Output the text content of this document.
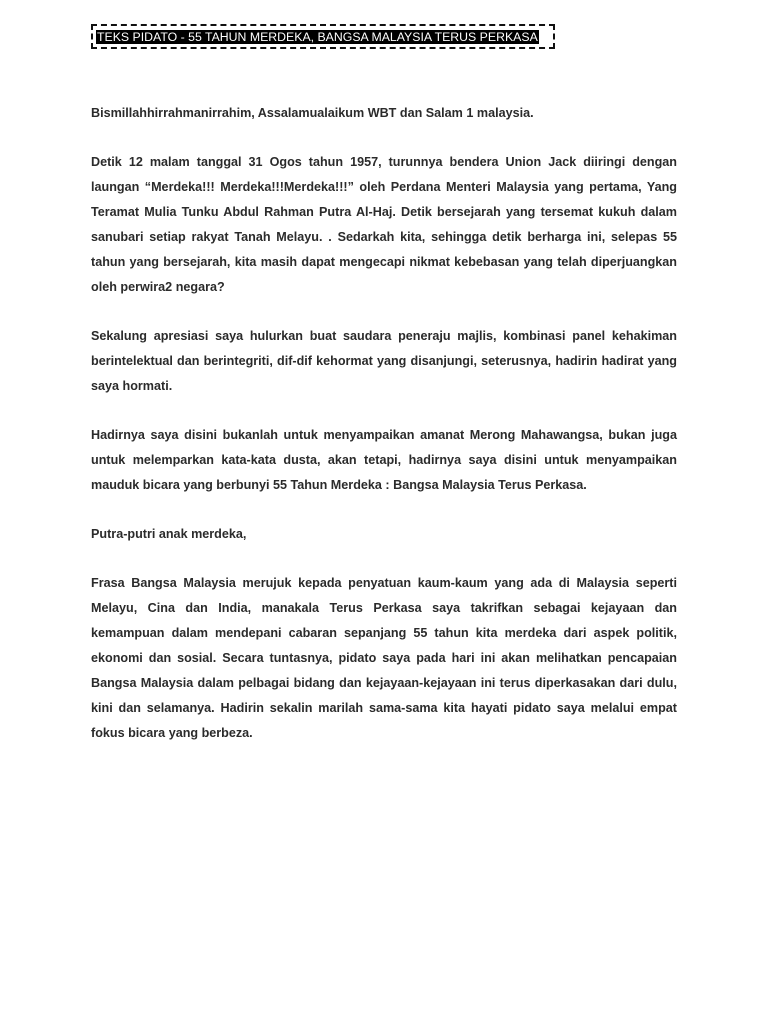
TEKS PIDATO - 55 TAHUN MERDEKA, BANGSA MALAYSIA TERUS PERKASA

Bismillahhirrahmanirrahim, Assalamualaikum WBT dan Salam 1 malaysia.

Detik 12 malam tanggal 31 Ogos tahun 1957, turunnya bendera Union Jack diiringi dengan laungan “Merdeka!!! Merdeka!!!Merdeka!!!” oleh Perdana Menteri Malaysia yang pertama, Yang Teramat Mulia Tunku Abdul Rahman Putra Al-Haj. Detik bersejarah yang tersemat kukuh dalam sanubari setiap rakyat Tanah Melayu. . Sedarkah kita, sehingga detik berharga ini, selepas 55 tahun yang bersejarah, kita masih dapat mengecapi nikmat kebebasan yang telah diperjuangkan oleh perwira2 negara?

Sekalung apresiasi saya hulurkan buat saudara peneraju majlis, kombinasi panel kehakiman berintelektual dan berintegriti, dif-dif kehormat yang disanjungi, seterusnya, hadirin hadirat yang saya hormati.

Hadirnya saya disini bukanlah untuk menyampaikan amanat Merong Mahawangsa, bukan juga untuk melemparkan kata-kata dusta, akan tetapi, hadirnya saya disini untuk menyampaikan mauduk bicara yang berbunyi 55 Tahun Merdeka : Bangsa Malaysia Terus Perkasa.

Putra-putri anak merdeka,

Frasa Bangsa Malaysia merujuk kepada penyatuan kaum-kaum yang ada di Malaysia seperti Melayu, Cina dan India, manakala Terus Perkasa saya takrifkan sebagai kejayaan dan kemampuan dalam mendepani cabaran sepanjang 55 tahun kita merdeka dari aspek politik, ekonomi dan sosial. Secara tuntasnya, pidato saya pada hari ini akan melihatkan pencapaian Bangsa Malaysia dalam pelbagai bidang dan kejayaan-kejayaan ini terus diperkasakan dari dulu, kini dan selamanya. Hadirin sekalin marilah sama-sama kita hayati pidato saya melalui empat fokus bicara yang berbeza.
